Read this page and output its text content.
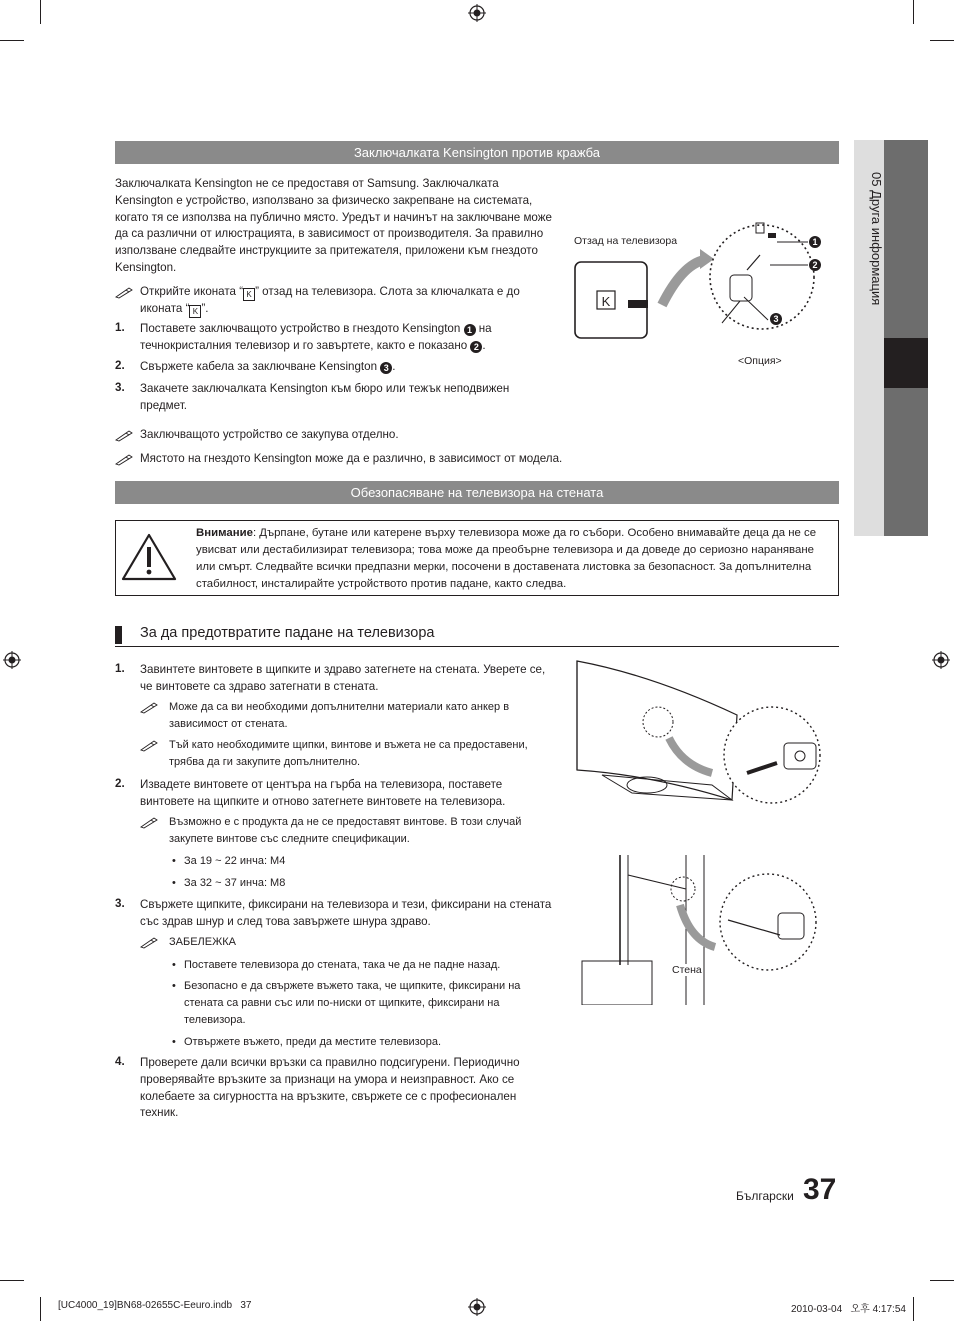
05 Друга информация
Заключалката Kensington против кражба
Заключалката Kensington не се предоставя от Samsung. Заключалката Kensington е устройство, използвано за физическо закрепване на системата, когато тя се използва на публично място. Уредът и начинът на заключване може да са различни от илюстрацията, в зависимост от производителя. За правилно използване следвайте инструкциите за притежателя, приложени към гнездото Kensington.
Открийте иконата “ K ” отзад на телевизора. Слота за ключалката е до иконата “ K ”.
1. Поставете заключващото устройство в гнездото Kensington 1 на течнокристалния телевизор и го завъртете, както е показано 2 .
2. Свържете кабела за заключване Kensington 3 .
3. Закачете заключалката Kensington към бюро или тежък неподвижен предмет.
Заключващото устройство се закупува отделно.
Мястото на гнездото Kensington може да е различно, в зависимост от модела.
Отзад на телевизора
<Опция>
K
1
2
3
Обезопасяване на телевизора на стената
Внимание: Дърпане, бутане или катерене върху телевизора може да го събори. Особено внимавайте деца да не се увисват или дестабилизират телевизора; това може да преобърне телевизора и да доведе до сериозно нараняване или смърт. Следвайте всички предпазни мерки, посочени в доставената листовка за безопасност. За допълнителна стабилност, инсталирайте устройството против падане, както следва.
За да предотвратите падане на телевизора
1. Завинтете винтовете в щипките и здраво затегнете на стената. Уверете се, че винтовете са здраво затегнати в стената.
Може да са ви необходими допълнителни материали като анкер в зависимост от стената.
Тъй като необходимите щипки, винтове и въжета не са предоставени, трябва да ги закупите допълнително.
2. Извадете винтовете от центъра на гърба на телевизора, поставете винтовете на щипките и отново затегнете винтовете на телевизора.
Възможно е с продукта да не се предоставят винтове. В този случай закупете винтове със следните спецификации.
• За 19 ~ 22 инча: M4
• За 32 ~ 37 инча: M8
3. Свържете щипките, фиксирани на телевизора и тези, фиксирани на стената със здрав шнур и след това завържете шнура здраво.
ЗАБЕЛЕЖКА
• Поставете телевизора до стената, така че да не падне назад.
• Безопасно е да свържете въжето така, че щипките, фиксирани на стената са равни със или по-ниски от щипките, фиксирани на телевизора.
• Отвържете въжето, преди да местите телевизора.
4. Проверете дали всички връзки са правилно подсигурени. Периодично проверявайте връзките за признаци на умора и неизправност. Ако се колебаете за сигурността на връзките, свържете се с професионален техник.
Стена
Български 37
[UC4000_19]BN68-02655C-Eeuro.indb   37	2010-03-04   오후 4:17:54
